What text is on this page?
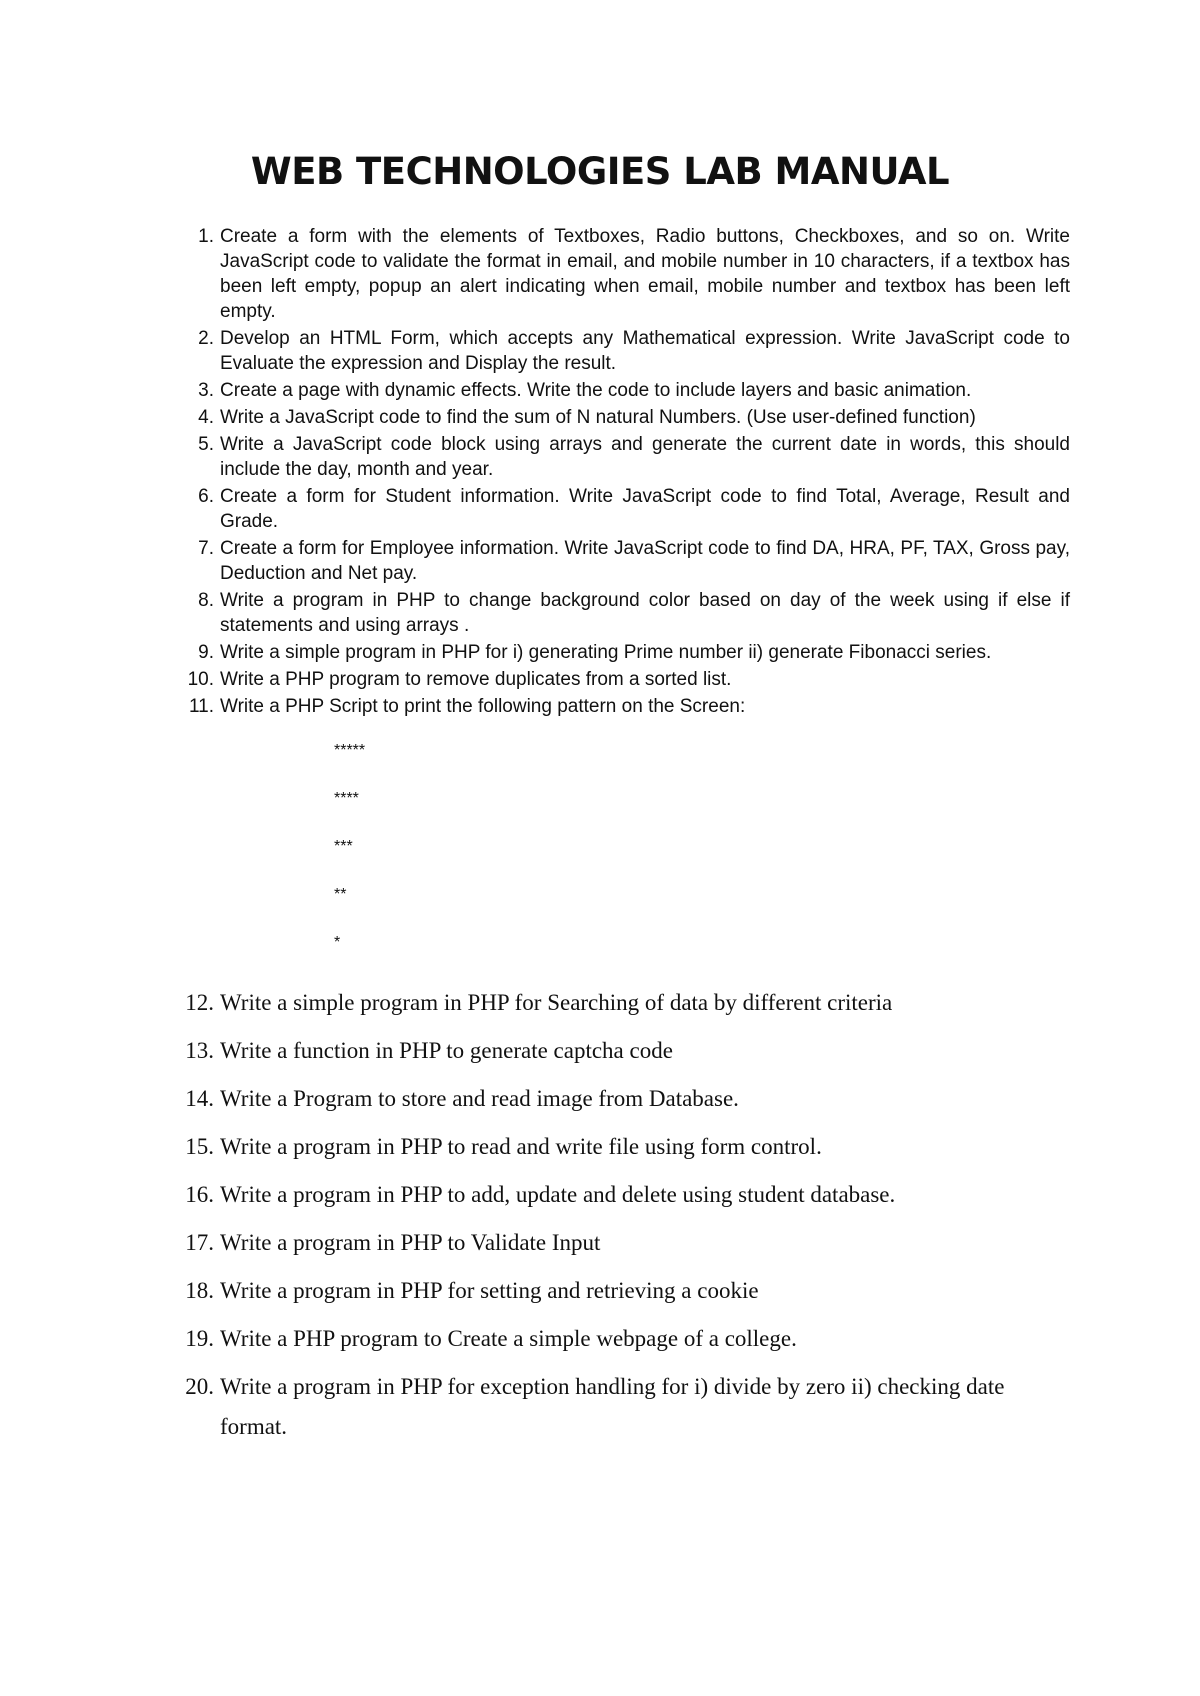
WEB TECHNOLOGIES LAB MANUAL
1. Create a form with the elements of Textboxes, Radio buttons, Checkboxes, and so on. Write JavaScript code to validate the format in email, and mobile number in 10 characters, if a textbox has been left empty, popup an alert indicating when email, mobile number and textbox has been left empty.
2. Develop an HTML Form, which accepts any Mathematical expression. Write JavaScript code to Evaluate the expression and Display the result.
3. Create a page with dynamic effects. Write the code to include layers and basic animation.
4. Write a JavaScript code to find the sum of N natural Numbers. (Use user-defined function)
5. Write a JavaScript code block using arrays and generate the current date in words, this should include the day, month and year.
6. Create a form for Student information. Write JavaScript code to find Total, Average, Result and Grade.
7. Create a form for Employee information. Write JavaScript code to find DA, HRA, PF, TAX, Gross pay, Deduction and Net pay.
8. Write a program in PHP to change background color based on day of the week using if else if statements and using arrays .
9. Write a simple program in PHP for i) generating Prime number ii) generate Fibonacci series.
10. Write a PHP program to remove duplicates from a sorted list.
11. Write a PHP Script to print the following pattern on the Screen:
*****
****
***
**
*
12. Write a simple program in PHP for Searching of data by different criteria
13. Write a function in PHP to generate captcha code
14. Write a Program to store and read image from Database.
15. Write a program in PHP to read and write file using form control.
16. Write a program in PHP to add, update and delete using student database.
17. Write a program in PHP to Validate Input
18. Write a program in PHP for setting and retrieving a cookie
19. Write a PHP program to Create a simple webpage of a college.
20. Write a program in PHP for exception handling for i) divide by zero ii) checking date format.
